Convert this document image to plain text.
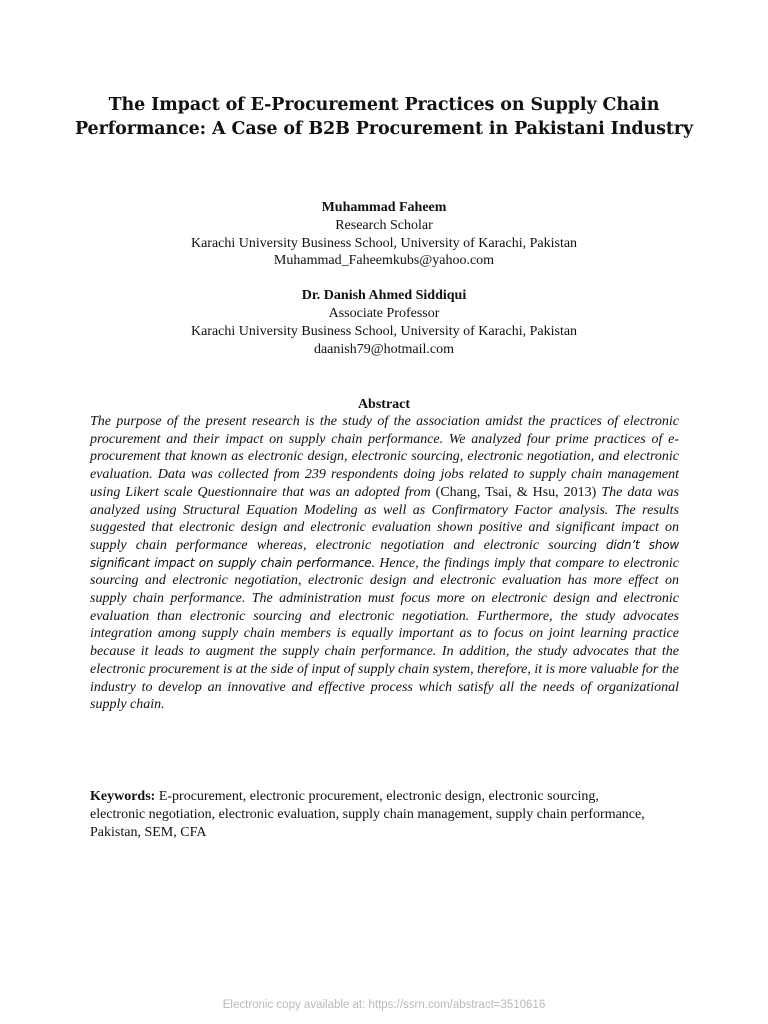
The Impact of E-Procurement Practices on Supply Chain Performance: A Case of B2B Procurement in Pakistani Industry
Muhammad Faheem
Research Scholar
Karachi University Business School, University of Karachi, Pakistan
Muhammad_Faheemkubs@yahoo.com
Dr. Danish Ahmed Siddiqui
Associate Professor
Karachi University Business School, University of Karachi, Pakistan
daanish79@hotmail.com
Abstract

The purpose of the present research is the study of the association amidst the practices of electronic procurement and their impact on supply chain performance. We analyzed four prime practices of e-procurement that known as electronic design, electronic sourcing, electronic negotiation, and electronic evaluation. Data was collected from 239 respondents doing jobs related to supply chain management using Likert scale Questionnaire that was an adopted from (Chang, Tsai, & Hsu, 2013) The data was analyzed using Structural Equation Modeling as well as Confirmatory Factor analysis. The results suggested that electronic design and electronic evaluation shown positive and significant impact on supply chain performance whereas, electronic negotiation and electronic sourcing didn’t show significant impact on supply chain performance. Hence, the findings imply that compare to electronic sourcing and electronic negotiation, electronic design and electronic evaluation has more effect on supply chain performance. The administration must focus more on electronic design and electronic evaluation than electronic sourcing and electronic negotiation. Furthermore, the study advocates integration among supply chain members is equally important as to focus on joint learning practice because it leads to augment the supply chain performance. In addition, the study advocates that the electronic procurement is at the side of input of supply chain system, therefore, it is more valuable for the industry to develop an innovative and effective process which satisfy all the needs of organizational supply chain.

Keywords: E-procurement, electronic procurement, electronic design, electronic sourcing, electronic negotiation, electronic evaluation, supply chain management, supply chain performance, Pakistan, SEM, CFA

Electronic copy available at: https://ssrn.com/abstract=3510616
